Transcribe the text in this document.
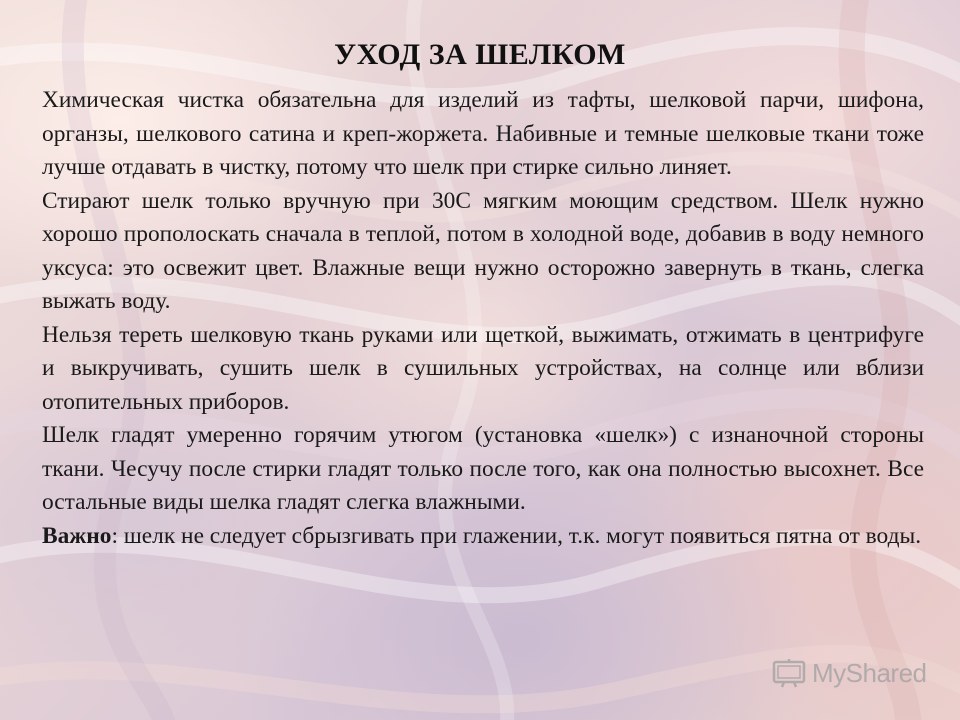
УХОД ЗА ШЕЛКОМ

Химическая чистка обязательна для изделий из тафты, шелковой парчи, шифона, органзы, шелкового сатина и креп-жоржета. Набивные и темные шелковые ткани тоже лучше отдавать в чистку, потому что шелк при стирке сильно линяет.

Стирают шелк только вручную при 30С мягким моющим средством. Шелк нужно хорошо прополоскать сначала в теплой, потом в холодной воде, добавив в воду немного уксуса: это освежит цвет. Влажные вещи нужно осторожно завернуть в ткань, слегка выжать воду.

Нельзя тереть шелковую ткань руками или щеткой, выжимать, отжимать в центрифуге и выкручивать, сушить шелк в сушильных устройствах, на солнце или вблизи отопительных приборов.

Шелк гладят умеренно горячим утюгом (установка «шелк») с изнаночной стороны ткани. Чесучу после стирки гладят только после того, как она полностью высохнет. Все остальные виды шелка гладят слегка влажными.

Важно: шелк не следует сбрызгивать при глажении, т.к. могут появиться пятна от воды.

MyShared
